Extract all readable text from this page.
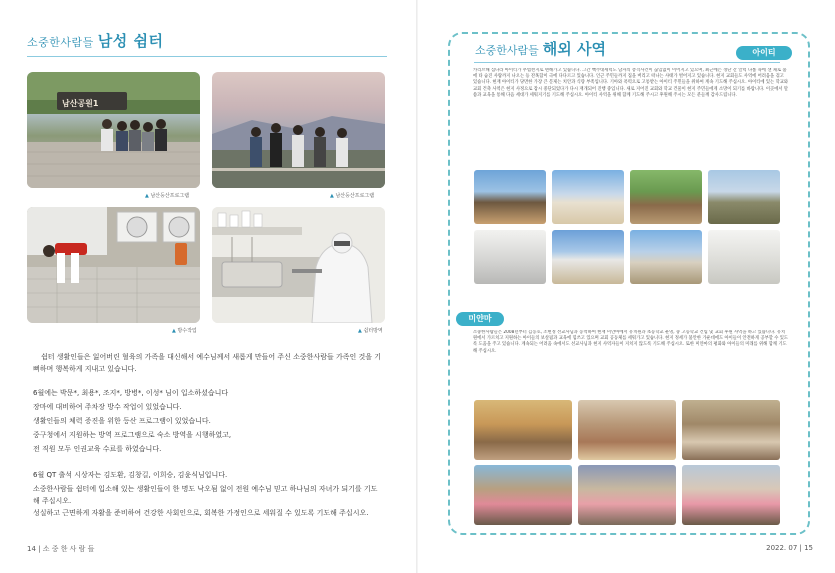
소중한사람들 남성 쉼터
남산공원1
▲ 남산등산프로그램	▲ 남산등산프로그램
▲ 방수작업	▲ 쉼터방역
쉼터 생활인들은 잃어버린 혈육의 가족을 대신해서 예수님께서 새롭게 만들어 주신 소중한사람들 가족인 것을 기뻐하며 행복하게 지내고 있습니다.
6월에는 박문*, 최용*, 조지*, 방병*, 이성* 님이 입소하셨습니다
장마에 대비하여 주차장 방수 작업이 있었습니다.
생활인들의 체력 증진을 위한 등산 프로그램이 있었습니다.
중구청에서 지원하는 방역 프로그램으로 숙소 방역을 시행하였고,
전 직원 모두 인권교육 수료를 하였습니다.
6월 QT 출석 시상자는 김도환, 김창길, 이희승, 김윤식님입니다.
소중한사람들 쉼터에 입소해 있는 생활인들이 한 명도 낙오됨 없이 전원 예수님 믿고 하나님의 자녀가 되기를 기도해 주십시오.
성실하고 근면하게 자활을 준비하여 건강한 사회인으로, 회복한 가정인으로 세워질 수 있도록 기도해 주십시오.
14 | 소 중 한 사 람 들
소중한사람들 해외 사역	아이티
카리브해 섬나라 아이티가 무법천지로 변해가고 있습니다. 그간 빽주대세력도 남자의 총격사건이 끊임없이 이어지고 있으며, 최근에는 갱단 간 알력 다툼 속에 샌 채로 불에 타 숨진 사람까지 나오는 등 잔혹함이 극에 다다르고 있습니다. 인근 주민들까지 집을 버리고 떠나는 사태가 벌어지고 있습니다. 현지 교회들도 사역에 어려움을 겪고 있습니다. 현재 아이티가 당면한 가장 큰 문제는 치안과 식량 부족입니다. 기아와 폭력으로 고통받는 아이티 주민들을 위하여 계속 기도해 주십시오. 아이티에 있는 학교와 교회 건축 사역은 현지 사정으로 잠시 중단되었다가 다시 재개되어 진행 중입니다. 새로 지어진 교회와 학교 건물이 현지 주민들에게 소망이 되기를 바랍니다. 이곳에서 말씀과 교육을 통해 다음 세대가 세워지기를 기도해 주십시오. 아이티 사역을 위해 함께 기도해 주시고 후원해 주시는 모든 분들께 감사드립니다.
미얀마
소중한사람들은 2008년부터 김동호, 조현정 선교사님과 동역하여 현재 미얀마에서 유치원과 초등학교 운영, 중 고등학교 건립 및 교회 후원 사역을 하고 있습니다. 유치원에서 가르치고 지원하는 아이들의 보살핌과 교육에 힘쓰고 있으며 교회 공동체를 세워가고 있습니다. 현지 정세가 불안한 가운데에도 아이들이 안전하게 공부할 수 있도록 도움을 주고 있습니다. 계속되는 어려움 속에서도 선교사님과 현지 사역자들이 지치지 않도록 기도해 주십시오. 또한 미얀마의 평화와 아이들의 미래를 위해 함께 기도해 주십시오.
2022. 07 | 15
